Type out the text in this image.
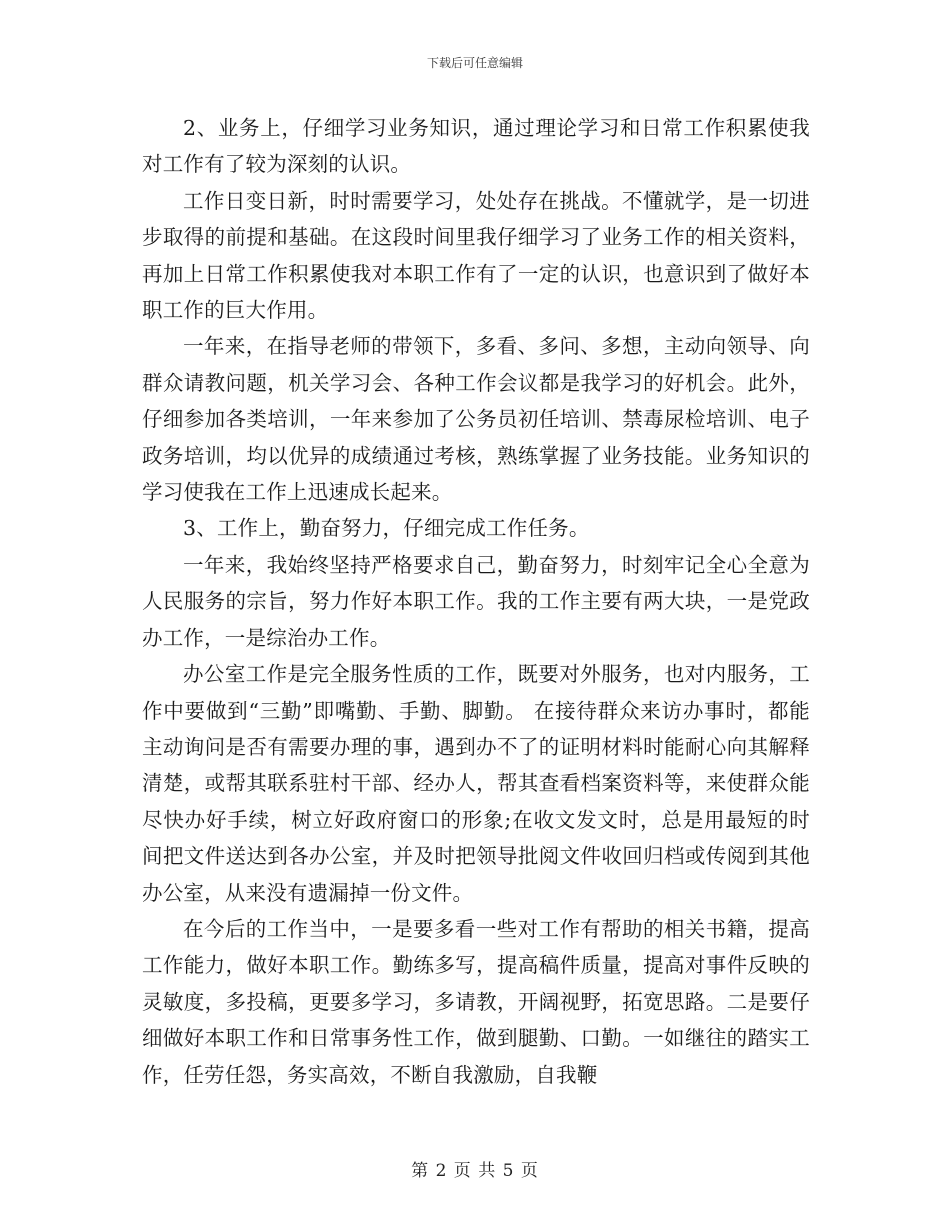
下载后可任意编辑

2、业务上，仔细学习业务知识，通过理论学习和日常工作积累使我对工作有了较为深刻的认识。

工作日变日新，时时需要学习，处处存在挑战。不懂就学，是一切进步取得的前提和基础。在这段时间里我仔细学习了业务工作的相关资料，再加上日常工作积累使我对本职工作有了一定的认识，也意识到了做好本职工作的巨大作用。

一年来，在指导老师的带领下，多看、多问、多想，主动向领导、向群众请教问题，机关学习会、各种工作会议都是我学习的好机会。此外，仔细参加各类培训，一年来参加了公务员初任培训、禁毒尿检培训、电子政务培训，均以优异的成绩通过考核，熟练掌握了业务技能。业务知识的学习使我在工作上迅速成长起来。

3、工作上，勤奋努力，仔细完成工作任务。

一年来，我始终坚持严格要求自己，勤奋努力，时刻牢记全心全意为人民服务的宗旨，努力作好本职工作。我的工作主要有两大块，一是党政办工作，一是综治办工作。

办公室工作是完全服务性质的工作，既要对外服务，也对内服务，工作中要做到“三勤”即嘴勤、手勤、脚勤。 在接待群众来访办事时，都能主动询问是否有需要办理的事，遇到办不了的证明材料时能耐心向其解释清楚，或帮其联系驻村干部、经办人，帮其查看档案资料等，来使群众能尽快办好手续，树立好政府窗口的形象;在收文发文时，总是用最短的时间把文件送达到各办公室，并及时把领导批阅文件收回归档或传阅到其他办公室，从来没有遗漏掉一份文件。

在今后的工作当中，一是要多看一些对工作有帮助的相关书籍，提高工作能力，做好本职工作。勤练多写，提高稿件质量，提高对事件反映的灵敏度，多投稿，更要多学习，多请教，开阔视野，拓宽思路。二是要仔细做好本职工作和日常事务性工作，做到腿勤、口勤。一如继往的踏实工作，任劳任怨，务实高效，不断自我激励，自我鞭

第 2 页 共 5 页
